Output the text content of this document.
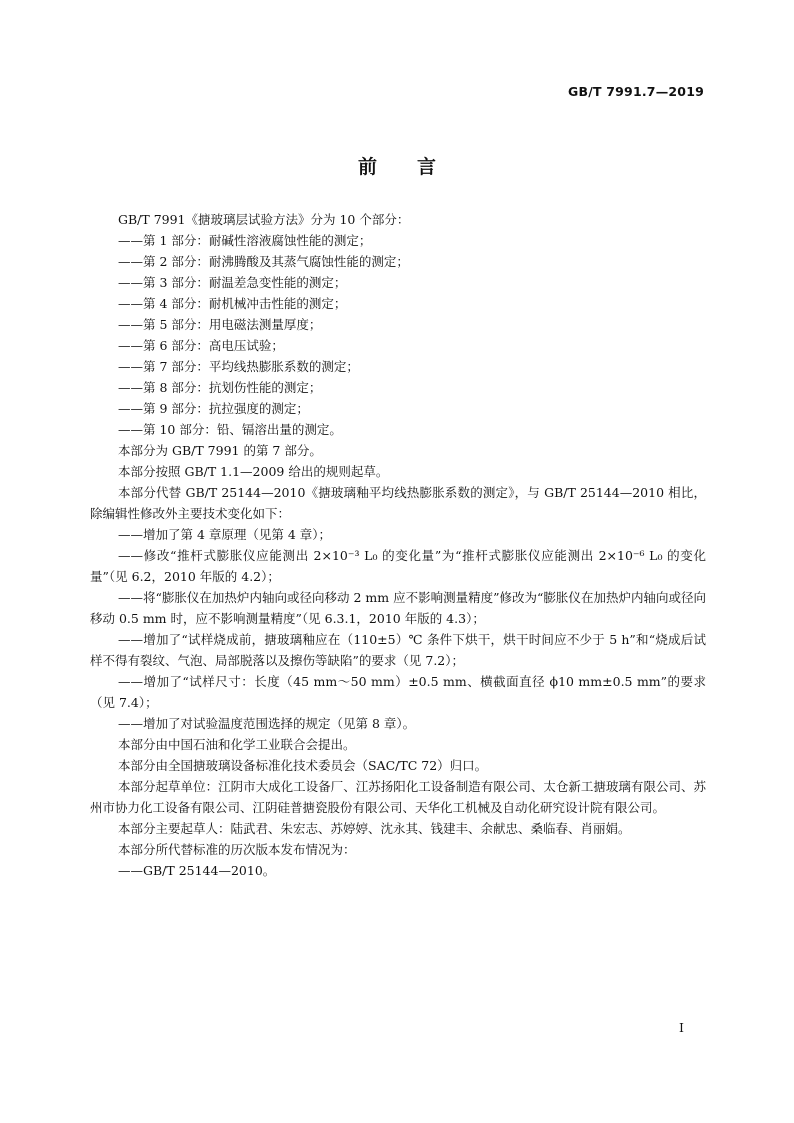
GB/T 7991.7—2019
前言

GB/T 7991《搪玻璃层试验方法》分为 10 个部分：

——第 1 部分：耐碱性溶液腐蚀性能的测定；

——第 2 部分：耐沸腾酸及其蒸气腐蚀性能的测定；

——第 3 部分：耐温差急变性能的测定；

——第 4 部分：耐机械冲击性能的测定；

——第 5 部分：用电磁法测量厚度；

——第 6 部分：高电压试验；

——第 7 部分：平均线热膨胀系数的测定；

——第 8 部分：抗划伤性能的测定；

——第 9 部分：抗拉强度的测定；

——第 10 部分：铅、镉溶出量的测定。

本部分为 GB/T 7991 的第 7 部分。

本部分按照 GB/T 1.1—2009 给出的规则起草。

本部分代替 GB/T 25144—2010《搪玻璃釉平均线热膨胀系数的测定》，与 GB/T 25144—2010 相比，除编辑性修改外主要技术变化如下：

——增加了第 4 章原理（见第 4 章）；

——修改“推杆式膨胀仪应能测出 2×10⁻³ L₀ 的变化量”为“推杆式膨胀仪应能测出 2×10⁻⁶ L₀ 的变化量”（见 6.2，2010 年版的 4.2）；

——将“膨胀仪在加热炉内轴向或径向移动 2 mm 应不影响测量精度”修改为“膨胀仪在加热炉内轴向或径向移动 0.5 mm 时，应不影响测量精度”（见 6.3.1，2010 年版的 4.3）；

——增加了“试样烧成前，搪玻璃釉应在（110±5）℃ 条件下烘干，烘干时间应不少于 5 h”和“烧成后试样不得有裂纹、气泡、局部脱落以及擦伤等缺陷”的要求（见 7.2）；

——增加了“试样尺寸：长度（45 mm～50 mm）±0.5 mm、横截面直径 ϕ10 mm±0.5 mm”的要求（见 7.4）；

——增加了对试验温度范围选择的规定（见第 8 章）。

本部分由中国石油和化学工业联合会提出。

本部分由全国搪玻璃设备标准化技术委员会（SAC/TC 72）归口。

本部分起草单位：江阴市大成化工设备厂、江苏扬阳化工设备制造有限公司、太仓新工搪玻璃有限公司、苏州市协力化工设备有限公司、江阴硅普搪瓷股份有限公司、天华化工机械及自动化研究设计院有限公司。

本部分主要起草人：陆武君、朱宏志、苏婷婷、沈永其、钱建丰、余献忠、桑临春、肖丽娟。

本部分所代替标准的历次版本发布情况为：

——GB/T 25144—2010。

I
